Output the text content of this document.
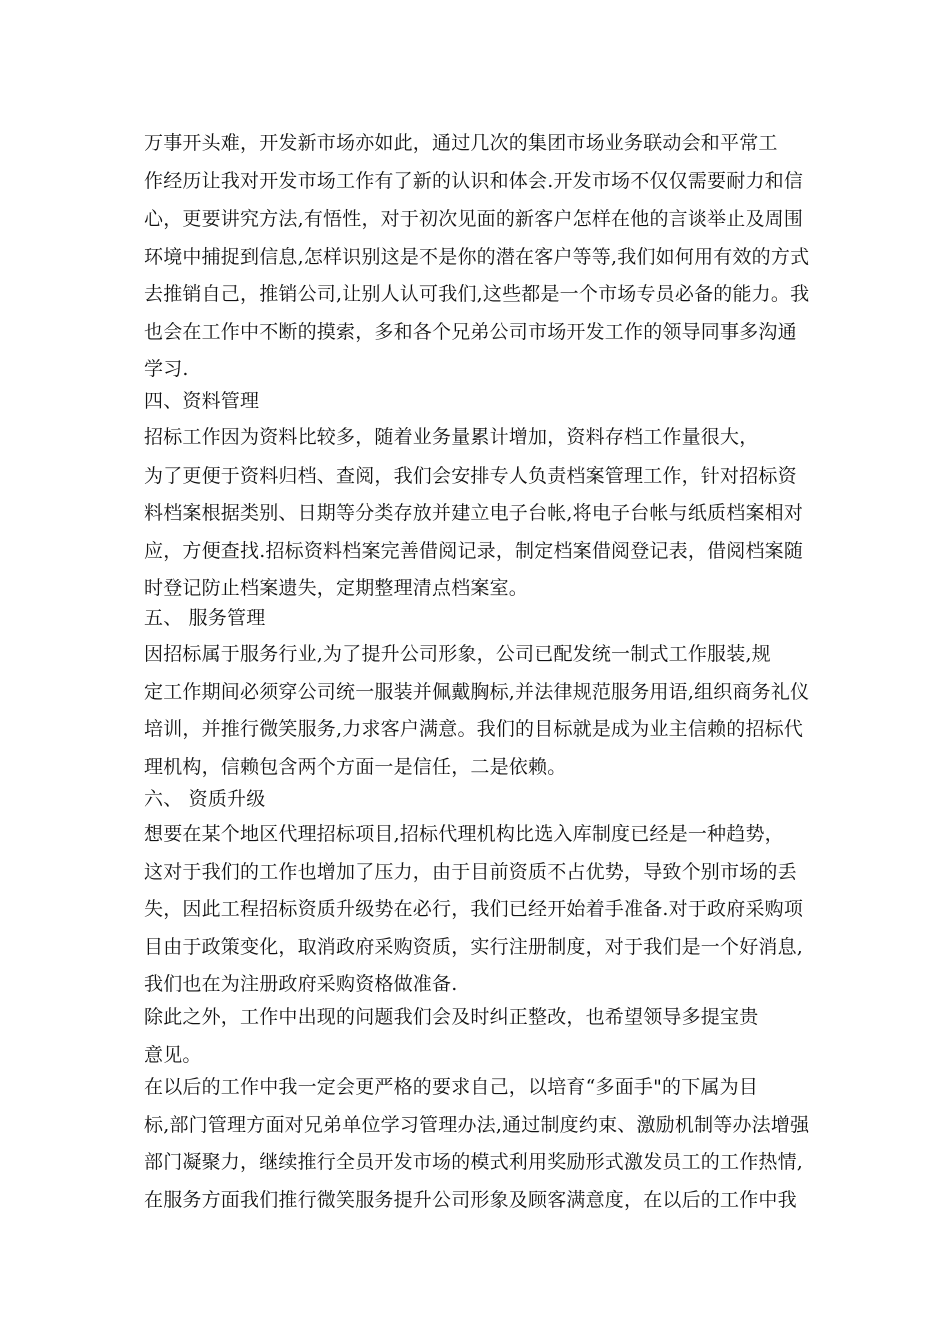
万事开头难，开发新市场亦如此，通过几次的集团市场业务联动会和平常工
作经历让我对开发市场工作有了新的认识和体会.开发市场不仅仅需要耐力和信
心，更要讲究方法,有悟性，对于初次见面的新客户怎样在他的言谈举止及周围
环境中捕捉到信息,怎样识别这是不是你的潜在客户等等,我们如何用有效的方式
去推销自己，推销公司,让别人认可我们,这些都是一个市场专员必备的能力。我
也会在工作中不断的摸索，多和各个兄弟公司市场开发工作的领导同事多沟通
学习.
四、资料管理
招标工作因为资料比较多，随着业务量累计增加，资料存档工作量很大，
为了更便于资料归档、查阅，我们会安排专人负责档案管理工作，针对招标资
料档案根据类别、日期等分类存放并建立电子台帐,将电子台帐与纸质档案相对
应，方便查找.招标资料档案完善借阅记录，制定档案借阅登记表，借阅档案随
时登记防止档案遗失，定期整理清点档案室。
五、 服务管理
因招标属于服务行业,为了提升公司形象，公司已配发统一制式工作服装,规
定工作期间必须穿公司统一服装并佩戴胸标,并法律规范服务用语,组织商务礼仪
培训，并推行微笑服务,力求客户满意。我们的目标就是成为业主信赖的招标代
理机构，信赖包含两个方面一是信任，二是依赖。
六、 资质升级
想要在某个地区代理招标项目,招标代理机构比选入库制度已经是一种趋势，
这对于我们的工作也增加了压力，由于目前资质不占优势，导致个别市场的丢
失，因此工程招标资质升级势在必行，我们已经开始着手准备.对于政府采购项
目由于政策变化，取消政府采购资质，实行注册制度，对于我们是一个好消息,
我们也在为注册政府采购资格做准备.
除此之外，工作中出现的问题我们会及时纠正整改，也希望领导多提宝贵
意见。
在以后的工作中我一定会更严格的要求自己，以培育“多面手"的下属为目
标,部门管理方面对兄弟单位学习管理办法,通过制度约束、激励机制等办法增强
部门凝聚力，继续推行全员开发市场的模式利用奖励形式激发员工的工作热情,
在服务方面我们推行微笑服务提升公司形象及顾客满意度，在以后的工作中我
